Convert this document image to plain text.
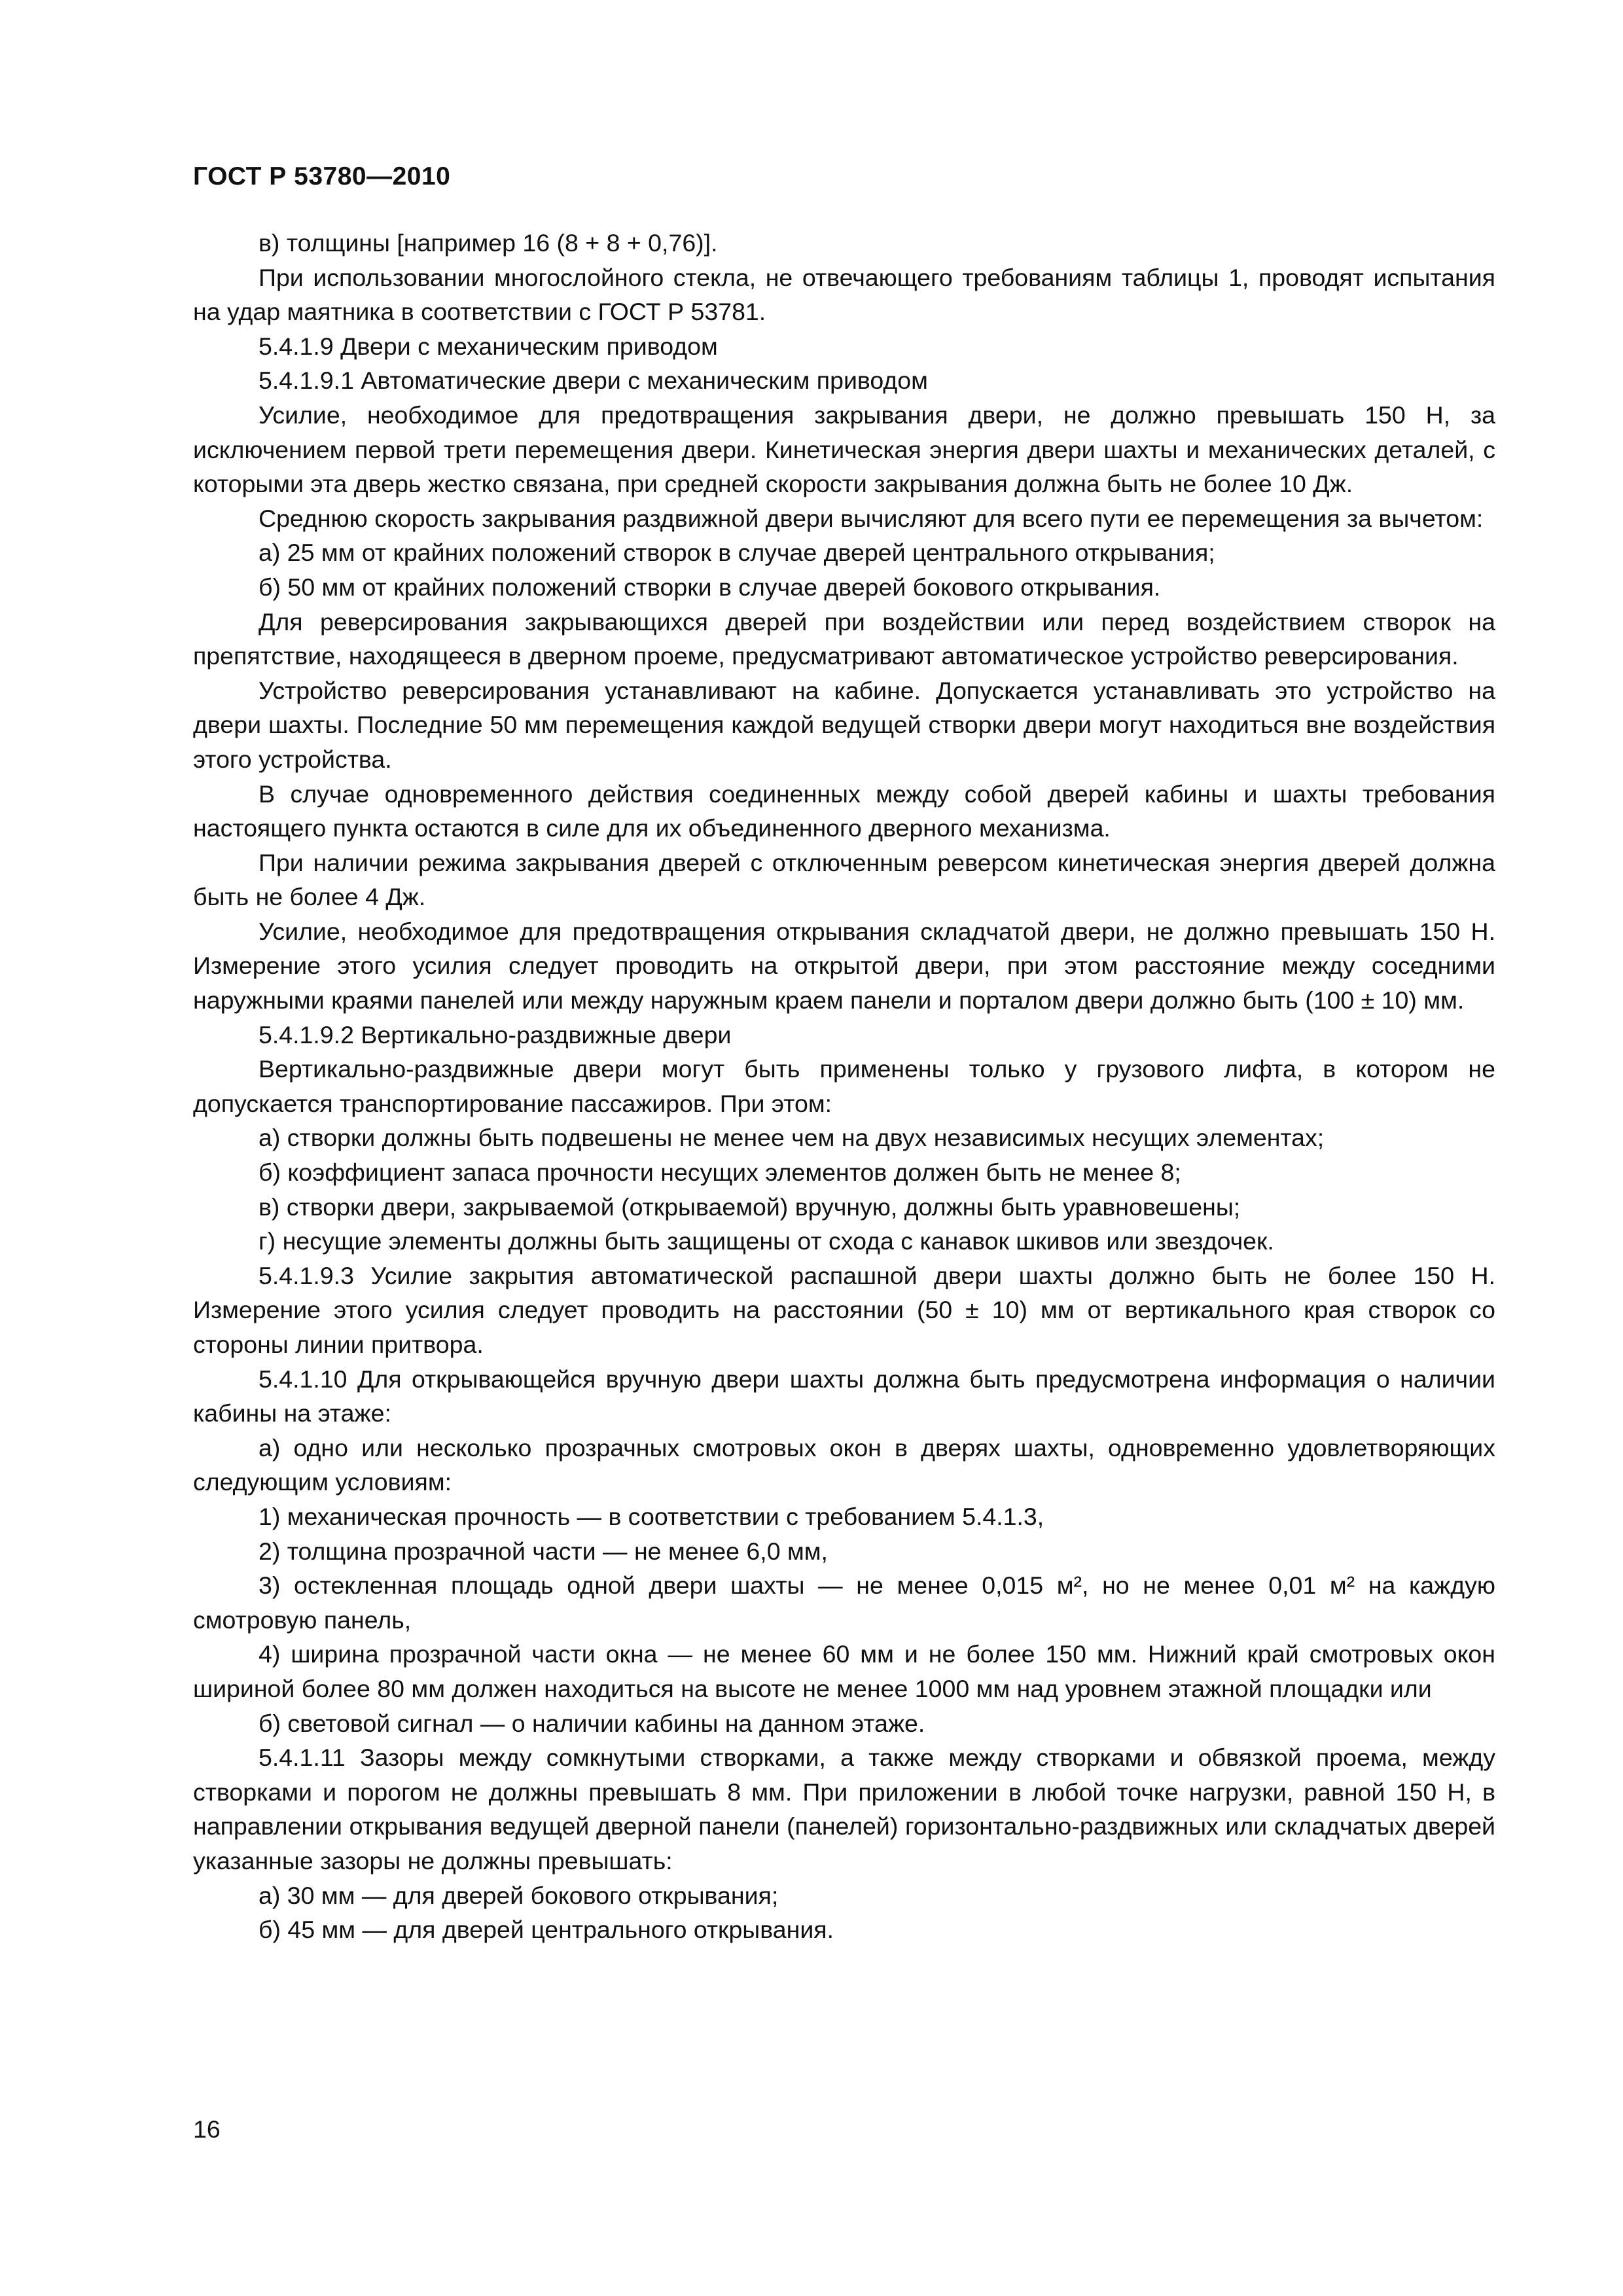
ГОСТ Р 53780—2010

в) толщины [например 16 (8 + 8 + 0,76)].

При использовании многослойного стекла, не отвечающего требованиям таблицы 1, проводят испытания на удар маятника в соответствии с ГОСТ Р 53781.

5.4.1.9 Двери с механическим приводом

5.4.1.9.1 Автоматические двери с механическим приводом

Усилие, необходимое для предотвращения закрывания двери, не должно превышать 150 Н, за исключением первой трети перемещения двери. Кинетическая энергия двери шахты и механических деталей, с которыми эта дверь жестко связана, при средней скорости закрывания должна быть не более 10 Дж.

Среднюю скорость закрывания раздвижной двери вычисляют для всего пути ее перемещения за вычетом:

а) 25 мм от крайних положений створок в случае дверей центрального открывания;

б) 50 мм от крайних положений створки в случае дверей бокового открывания.

Для реверсирования закрывающихся дверей при воздействии или перед воздействием створок на препятствие, находящееся в дверном проеме, предусматривают автоматическое устройство реверсирования.

Устройство реверсирования устанавливают на кабине. Допускается устанавливать это устройство на двери шахты. Последние 50 мм перемещения каждой ведущей створки двери могут находиться вне воздействия этого устройства.

В случае одновременного действия соединенных между собой дверей кабины и шахты требования настоящего пункта остаются в силе для их объединенного дверного механизма.

При наличии режима закрывания дверей с отключенным реверсом кинетическая энергия дверей должна быть не более 4 Дж.

Усилие, необходимое для предотвращения открывания складчатой двери, не должно превышать 150 Н. Измерение этого усилия следует проводить на открытой двери, при этом расстояние между соседними наружными краями панелей или между наружным краем панели и порталом двери должно быть (100 ± 10) мм.

5.4.1.9.2 Вертикально-раздвижные двери

Вертикально-раздвижные двери могут быть применены только у грузового лифта, в котором не допускается транспортирование пассажиров. При этом:

а) створки должны быть подвешены не менее чем на двух независимых несущих элементах;

б) коэффициент запаса прочности несущих элементов должен быть не менее 8;

в) створки двери, закрываемой (открываемой) вручную, должны быть уравновешены;

г) несущие элементы должны быть защищены от схода с канавок шкивов или звездочек.

5.4.1.9.3 Усилие закрытия автоматической распашной двери шахты должно быть не более 150 Н. Измерение этого усилия следует проводить на расстоянии (50 ± 10) мм от вертикального края створок со стороны линии притвора.

5.4.1.10 Для открывающейся вручную двери шахты должна быть предусмотрена информация о наличии кабины на этаже:

а) одно или несколько прозрачных смотровых окон в дверях шахты, одновременно удовлетворяющих следующим условиям:

1) механическая прочность — в соответствии с требованием 5.4.1.3,

2) толщина прозрачной части — не менее 6,0 мм,

3) остекленная площадь одной двери шахты — не менее 0,015 м², но не менее 0,01 м² на каждую смотровую панель,

4) ширина прозрачной части окна — не менее 60 мм и не более 150 мм. Нижний край смотровых окон шириной более 80 мм должен находиться на высоте не менее 1000 мм над уровнем этажной площадки или

б) световой сигнал — о наличии кабины на данном этаже.

5.4.1.11 Зазоры между сомкнутыми створками, а также между створками и обвязкой проема, между створками и порогом не должны превышать 8 мм. При приложении в любой точке нагрузки, равной 150 Н, в направлении открывания ведущей дверной панели (панелей) горизонтально-раздвижных или складчатых дверей указанные зазоры не должны превышать:

а) 30 мм — для дверей бокового открывания;

б) 45 мм — для дверей центрального открывания.

16
